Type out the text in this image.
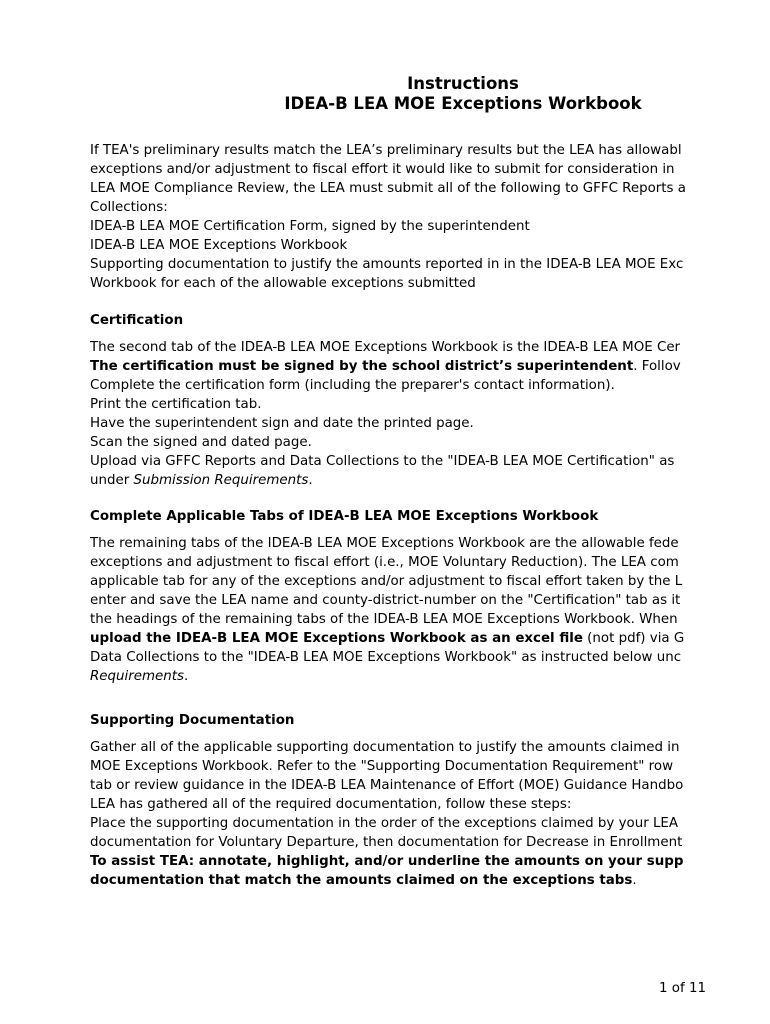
Instructions
IDEA-B LEA MOE Exceptions Workbook
If TEA's preliminary results match the LEA’s preliminary results but the LEA has allowabl
exceptions and/or adjustment to fiscal effort it would like to submit for consideration in
LEA MOE Compliance Review, the LEA must submit all of the following to GFFC Reports a
Collections:
IDEA-B LEA MOE Certification Form, signed by the superintendent
IDEA-B LEA MOE Exceptions Workbook
Supporting documentation to justify the amounts reported in in the IDEA-B LEA MOE Exc
Workbook for each of the allowable exceptions submitted
Certification
The second tab of the IDEA-B LEA MOE Exceptions Workbook is the IDEA-B LEA MOE Cer
The certification must be signed by the school district’s superintendent. Follov
Complete the certification form (including the preparer's contact information).
Print the certification tab.
Have the superintendent sign and date the printed page.
Scan the signed and dated page.
Upload via GFFC Reports and Data Collections to the "IDEA-B LEA MOE Certification" as
under Submission Requirements.
Complete Applicable Tabs of IDEA-B LEA MOE Exceptions Workbook
The remaining tabs of the IDEA-B LEA MOE Exceptions Workbook are the allowable fede
exceptions and adjustment to fiscal effort (i.e., MOE Voluntary Reduction). The LEA com
applicable tab for any of the exceptions and/or adjustment to fiscal effort taken by the L
enter and save the LEA name and county-district-number on the "Certification" tab as it
the headings of the remaining tabs of the IDEA-B LEA MOE Exceptions Workbook. When
upload the IDEA-B LEA MOE Exceptions Workbook as an excel file (not pdf) via G
Data Collections to the "IDEA-B LEA MOE Exceptions Workbook" as instructed below unc
Requirements.
Supporting Documentation
Gather all of the applicable supporting documentation to justify the amounts claimed in
MOE Exceptions Workbook. Refer to the "Supporting Documentation Requirement" row
tab or review guidance in the IDEA-B LEA Maintenance of Effort (MOE) Guidance Handbo
LEA has gathered all of the required documentation, follow these steps:
Place the supporting documentation in the order of the exceptions claimed by your LEA
documentation for Voluntary Departure, then documentation for Decrease in Enrollment
To assist TEA: annotate, highlight, and/or underline the amounts on your supp
documentation that match the amounts claimed on the exceptions tabs.
1 of 11
